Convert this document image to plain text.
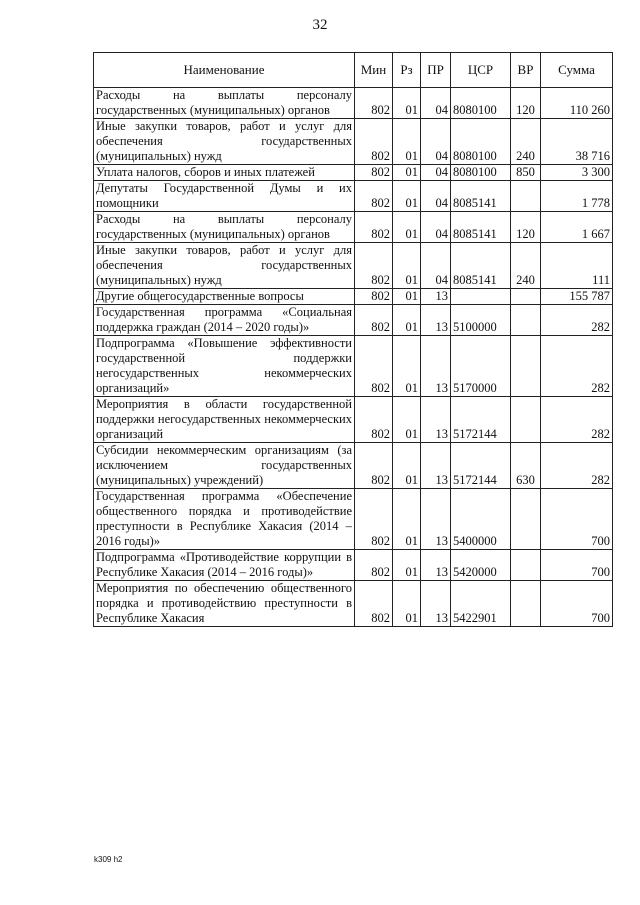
32
Наименование	Мин	Рз	ПР	ЦСР	ВР	Сумма
Расходы на выплаты персоналу государственных (муниципальных) органов	802	01	04	8080100	120	110 260
Иные закупки товаров, работ и услуг для обеспечения государственных (муниципальных) нужд	802	01	04	8080100	240	38 716
Уплата налогов, сборов и иных платежей	802	01	04	8080100	850	3 300
Депутаты Государственной Думы и их помощники	802	01	04	8085141		1 778
Расходы на выплаты персоналу государственных (муниципальных) органов	802	01	04	8085141	120	1 667
Иные закупки товаров, работ и услуг для обеспечения государственных (муниципальных) нужд	802	01	04	8085141	240	111
Другие общегосударственные вопросы	802	01	13			155 787
Государственная программа «Социальная поддержка граждан (2014 – 2020 годы)»	802	01	13	5100000		282
Подпрограмма «Повышение эффективности государственной поддержки негосударственных некоммерческих организаций»	802	01	13	5170000		282
Мероприятия в области государственной поддержки негосударственных некоммерческих организаций	802	01	13	5172144		282
Субсидии некоммерческим организациям (за исключением государственных (муниципальных) учреждений)	802	01	13	5172144	630	282
Государственная программа «Обеспечение общественного порядка и противодействие преступности в Республике Хакасия (2014 – 2016 годы)»	802	01	13	5400000		700
Подпрограмма «Противодействие коррупции в Республике Хакасия (2014 – 2016 годы)»	802	01	13	5420000		700
Мероприятия по обеспечению общественного порядка и противодействию преступности в Республике Хакасия	802	01	13	5422901		700
k309 h2
